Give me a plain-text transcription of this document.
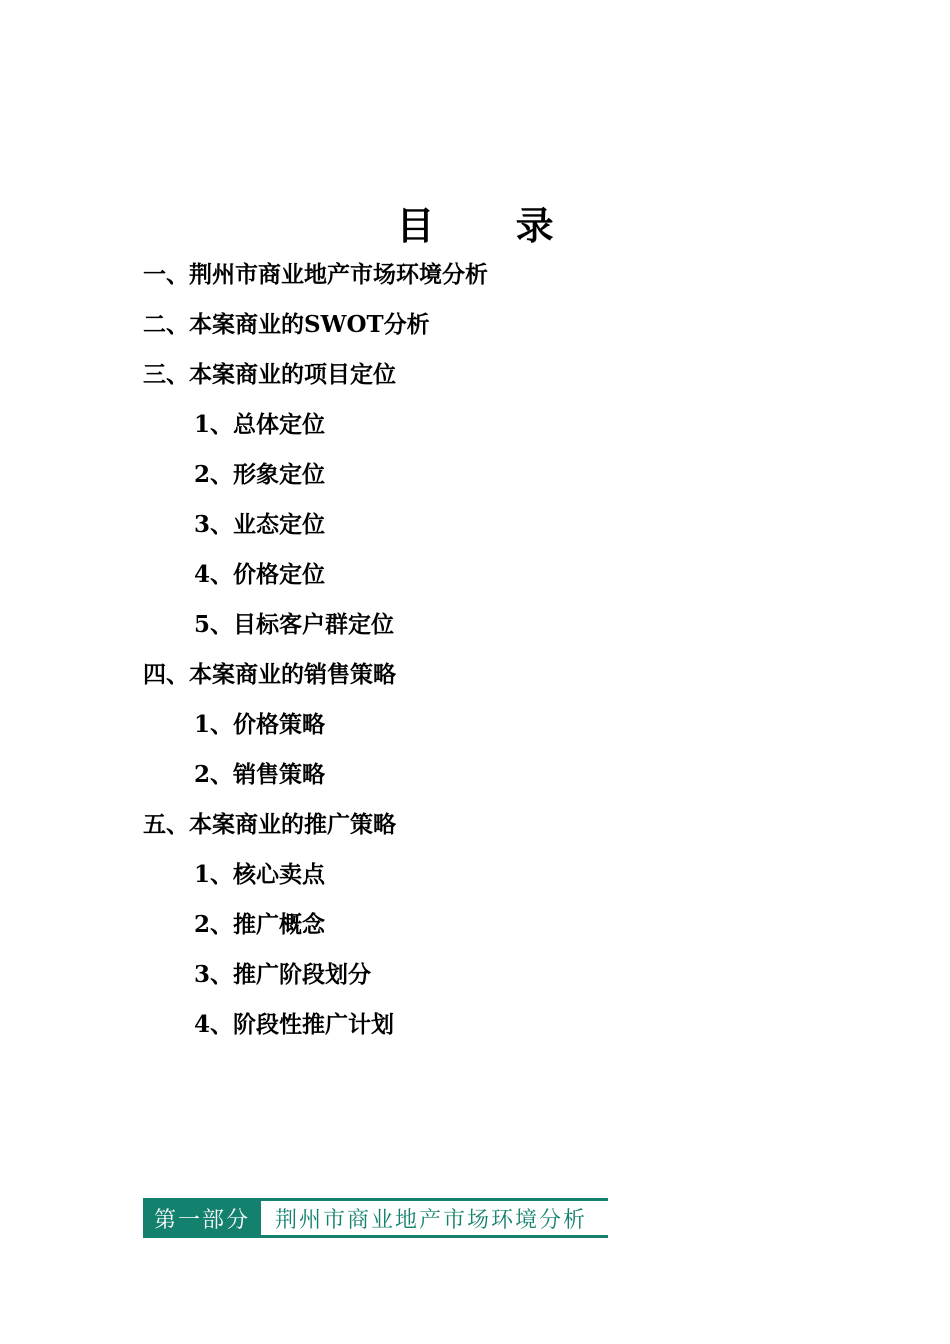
目 录
一、荆州市商业地产市场环境分析
二、本案商业的SWOT分析
三、本案商业的项目定位
1、总体定位
2、形象定位
3、业态定位
4、价格定位
5、目标客户群定位
四、本案商业的销售策略
1、价格策略
2、销售策略
五、本案商业的推广策略
1、核心卖点
2、推广概念
3、推广阶段划分
4、阶段性推广计划
第一部分	荆州市商业地产市场环境分析
